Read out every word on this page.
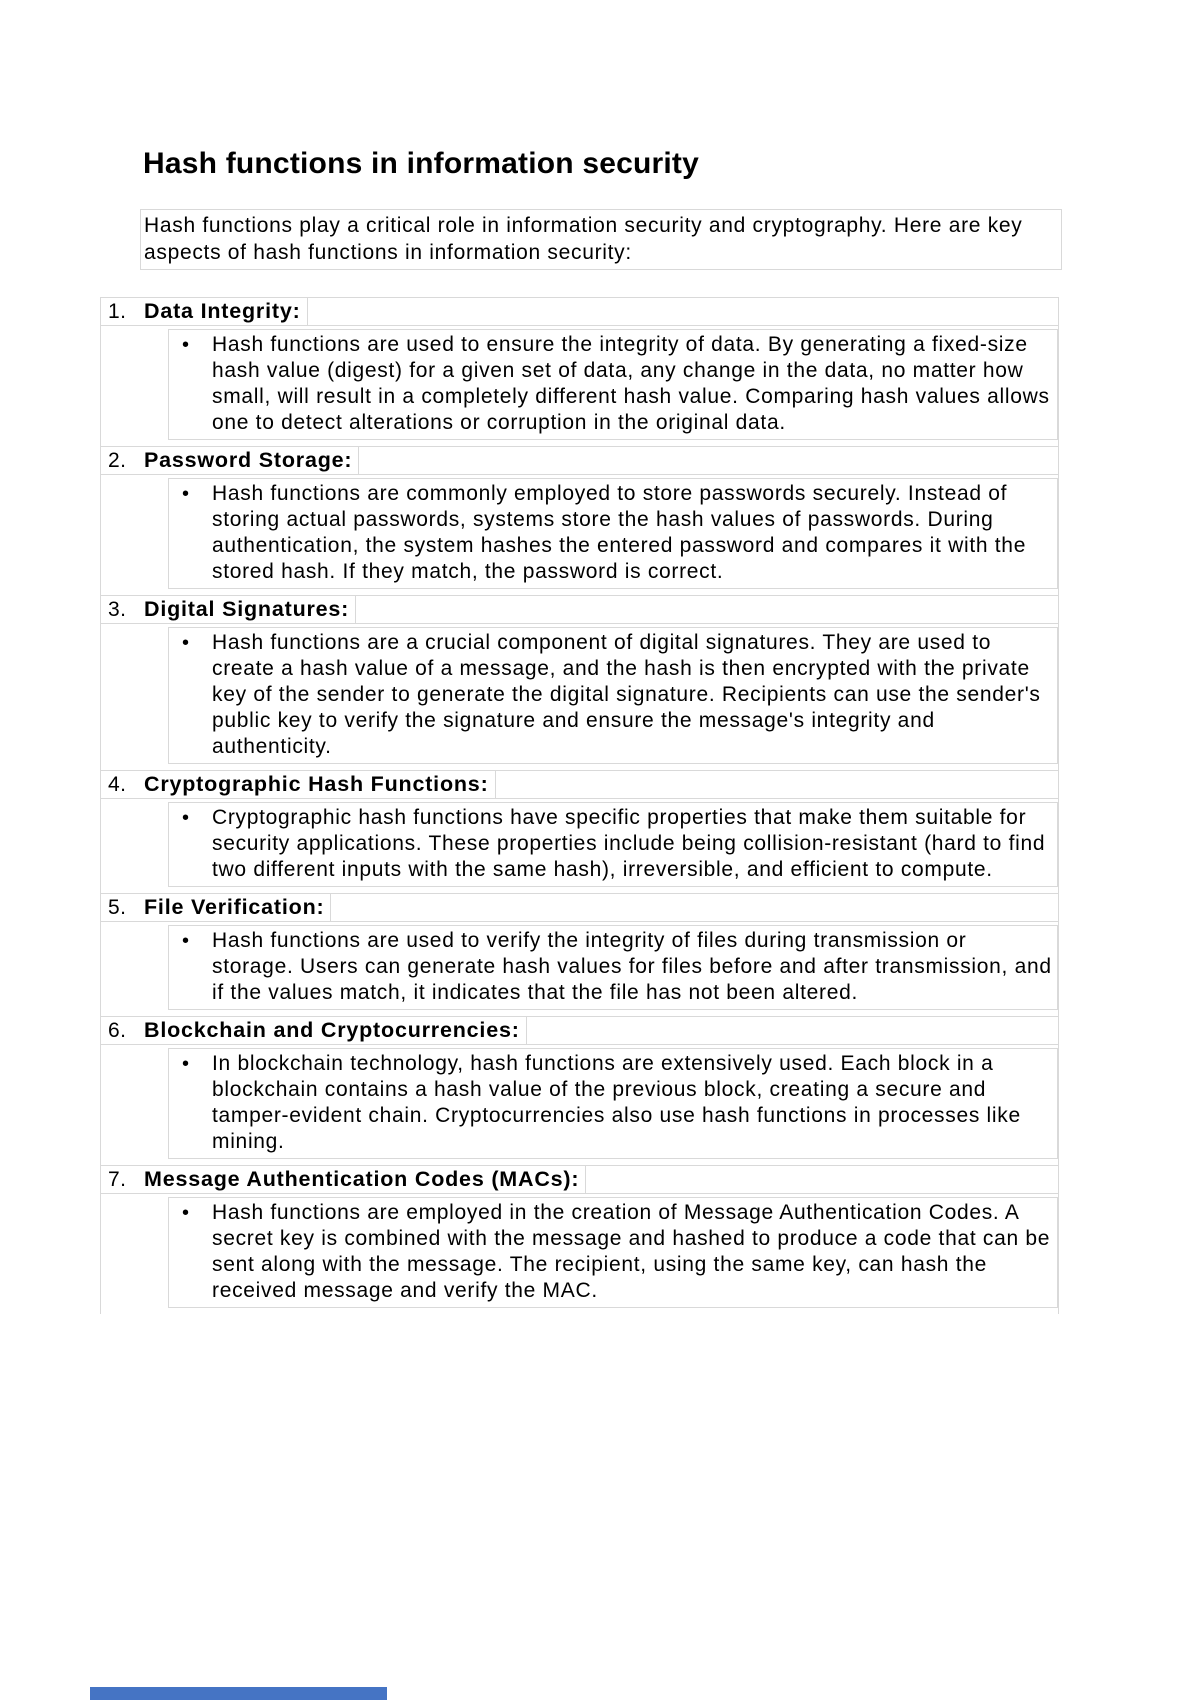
Hash functions in information security
Hash functions play a critical role in information security and cryptography. Here are key aspects of hash functions in information security:
1. Data Integrity:
•	Hash functions are used to ensure the integrity of data. By generating a fixed-size hash value (digest) for a given set of data, any change in the data, no matter how small, will result in a completely different hash value. Comparing hash values allows one to detect alterations or corruption in the original data.
2. Password Storage:
•	Hash functions are commonly employed to store passwords securely. Instead of storing actual passwords, systems store the hash values of passwords. During authentication, the system hashes the entered password and compares it with the stored hash. If they match, the password is correct.
3. Digital Signatures:
•	Hash functions are a crucial component of digital signatures. They are used to create a hash value of a message, and the hash is then encrypted with the private key of the sender to generate the digital signature. Recipients can use the sender's public key to verify the signature and ensure the message's integrity and authenticity.
4. Cryptographic Hash Functions:
•	Cryptographic hash functions have specific properties that make them suitable for security applications. These properties include being collision-resistant (hard to find two different inputs with the same hash), irreversible, and efficient to compute.
5. File Verification:
•	Hash functions are used to verify the integrity of files during transmission or storage. Users can generate hash values for files before and after transmission, and if the values match, it indicates that the file has not been altered.
6. Blockchain and Cryptocurrencies:
•	In blockchain technology, hash functions are extensively used. Each block in a blockchain contains a hash value of the previous block, creating a secure and tamper-evident chain. Cryptocurrencies also use hash functions in processes like mining.
7. Message Authentication Codes (MACs):
•	Hash functions are employed in the creation of Message Authentication Codes. A secret key is combined with the message and hashed to produce a code that can be sent along with the message. The recipient, using the same key, can hash the received message and verify the MAC.
